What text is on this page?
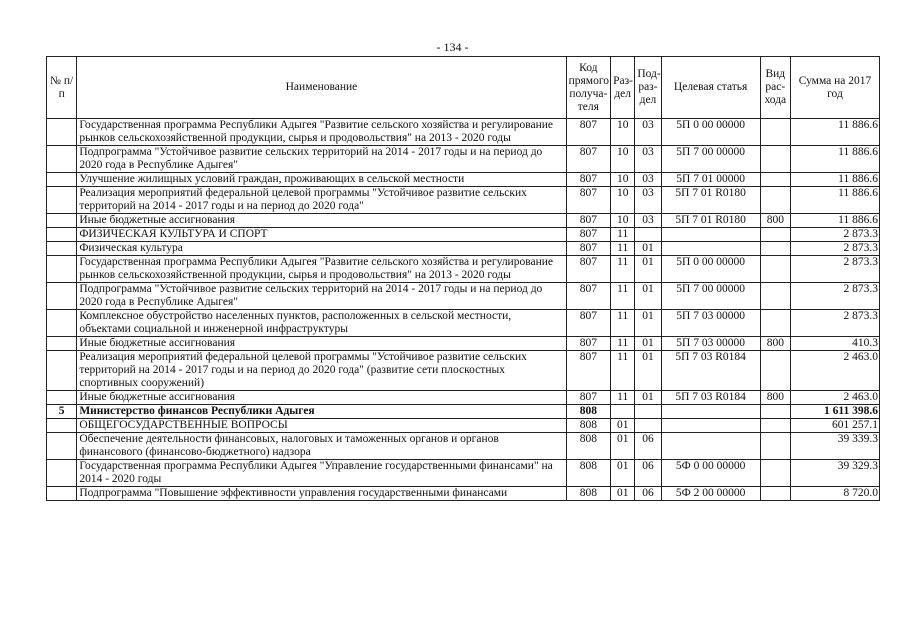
- 134 -
№ п/п	Наименование	Код прямого получа-теля	Раз-дел	Под-раз-дел	Целевая статья	Вид рас-хода	Сумма на 2017 год
	Государственная программа Республики Адыгея "Развитие сельского хозяйства и регулирование рынков сельскохозяйственной продукции, сырья и продовольствия" на 2013 - 2020 годы	807	10	03	5П 0 00 00000		11 886.6
	Подпрограмма "Устойчивое развитие сельских территорий на 2014 - 2017 годы и на период до 2020 года в Республике Адыгея"	807	10	03	5П 7 00 00000		11 886.6
	Улучшение жилищных условий граждан, проживающих в сельской местности	807	10	03	5П 7 01 00000		11 886.6
	Реализация мероприятий федеральной целевой программы "Устойчивое развитие сельских территорий на 2014 - 2017 годы и на период до 2020 года"	807	10	03	5П 7 01 R0180		11 886.6
	Иные бюджетные ассигнования	807	10	03	5П 7 01 R0180	800	11 886.6
	ФИЗИЧЕСКАЯ КУЛЬТУРА И СПОРТ	807	11				2 873.3
	Физическая культура	807	11	01			2 873.3
	Государственная программа Республики Адыгея "Развитие сельского хозяйства и регулирование рынков сельскохозяйственной продукции, сырья и продовольствия" на 2013 - 2020 годы	807	11	01	5П 0 00 00000		2 873.3
	Подпрограмма "Устойчивое развитие сельских территорий на 2014 - 2017 годы и на период до 2020 года в Республике Адыгея"	807	11	01	5П 7 00 00000		2 873.3
	Комплексное обустройство населенных пунктов, расположенных в сельской местности, объектами социальной и инженерной инфраструктуры	807	11	01	5П 7 03 00000		2 873.3
	Иные бюджетные ассигнования	807	11	01	5П 7 03 00000	800	410.3
	Реализация мероприятий федеральной целевой программы "Устойчивое развитие сельских территорий на 2014 - 2017 годы и на период до 2020 года" (развитие сети плоскостных спортивных сооружений)	807	11	01	5П 7 03 R0184		2 463.0
	Иные бюджетные ассигнования	807	11	01	5П 7 03 R0184	800	2 463.0
5	Министерство финансов Республики Адыгея	808					1 611 398.6
	ОБЩЕГОСУДАРСТВЕННЫЕ ВОПРОСЫ	808	01				601 257.1
	Обеспечение деятельности финансовых, налоговых и таможенных органов и органов финансового (финансово-бюджетного) надзора	808	01	06			39 339.3
	Государственная программа Республики Адыгея "Управление государственными финансами" на 2014 - 2020 годы	808	01	06	5Ф 0 00 00000		39 329.3
	Подпрограмма "Повышение эффективности управления государственными финансами	808	01	06	5Ф 2 00 00000		8 720.0
